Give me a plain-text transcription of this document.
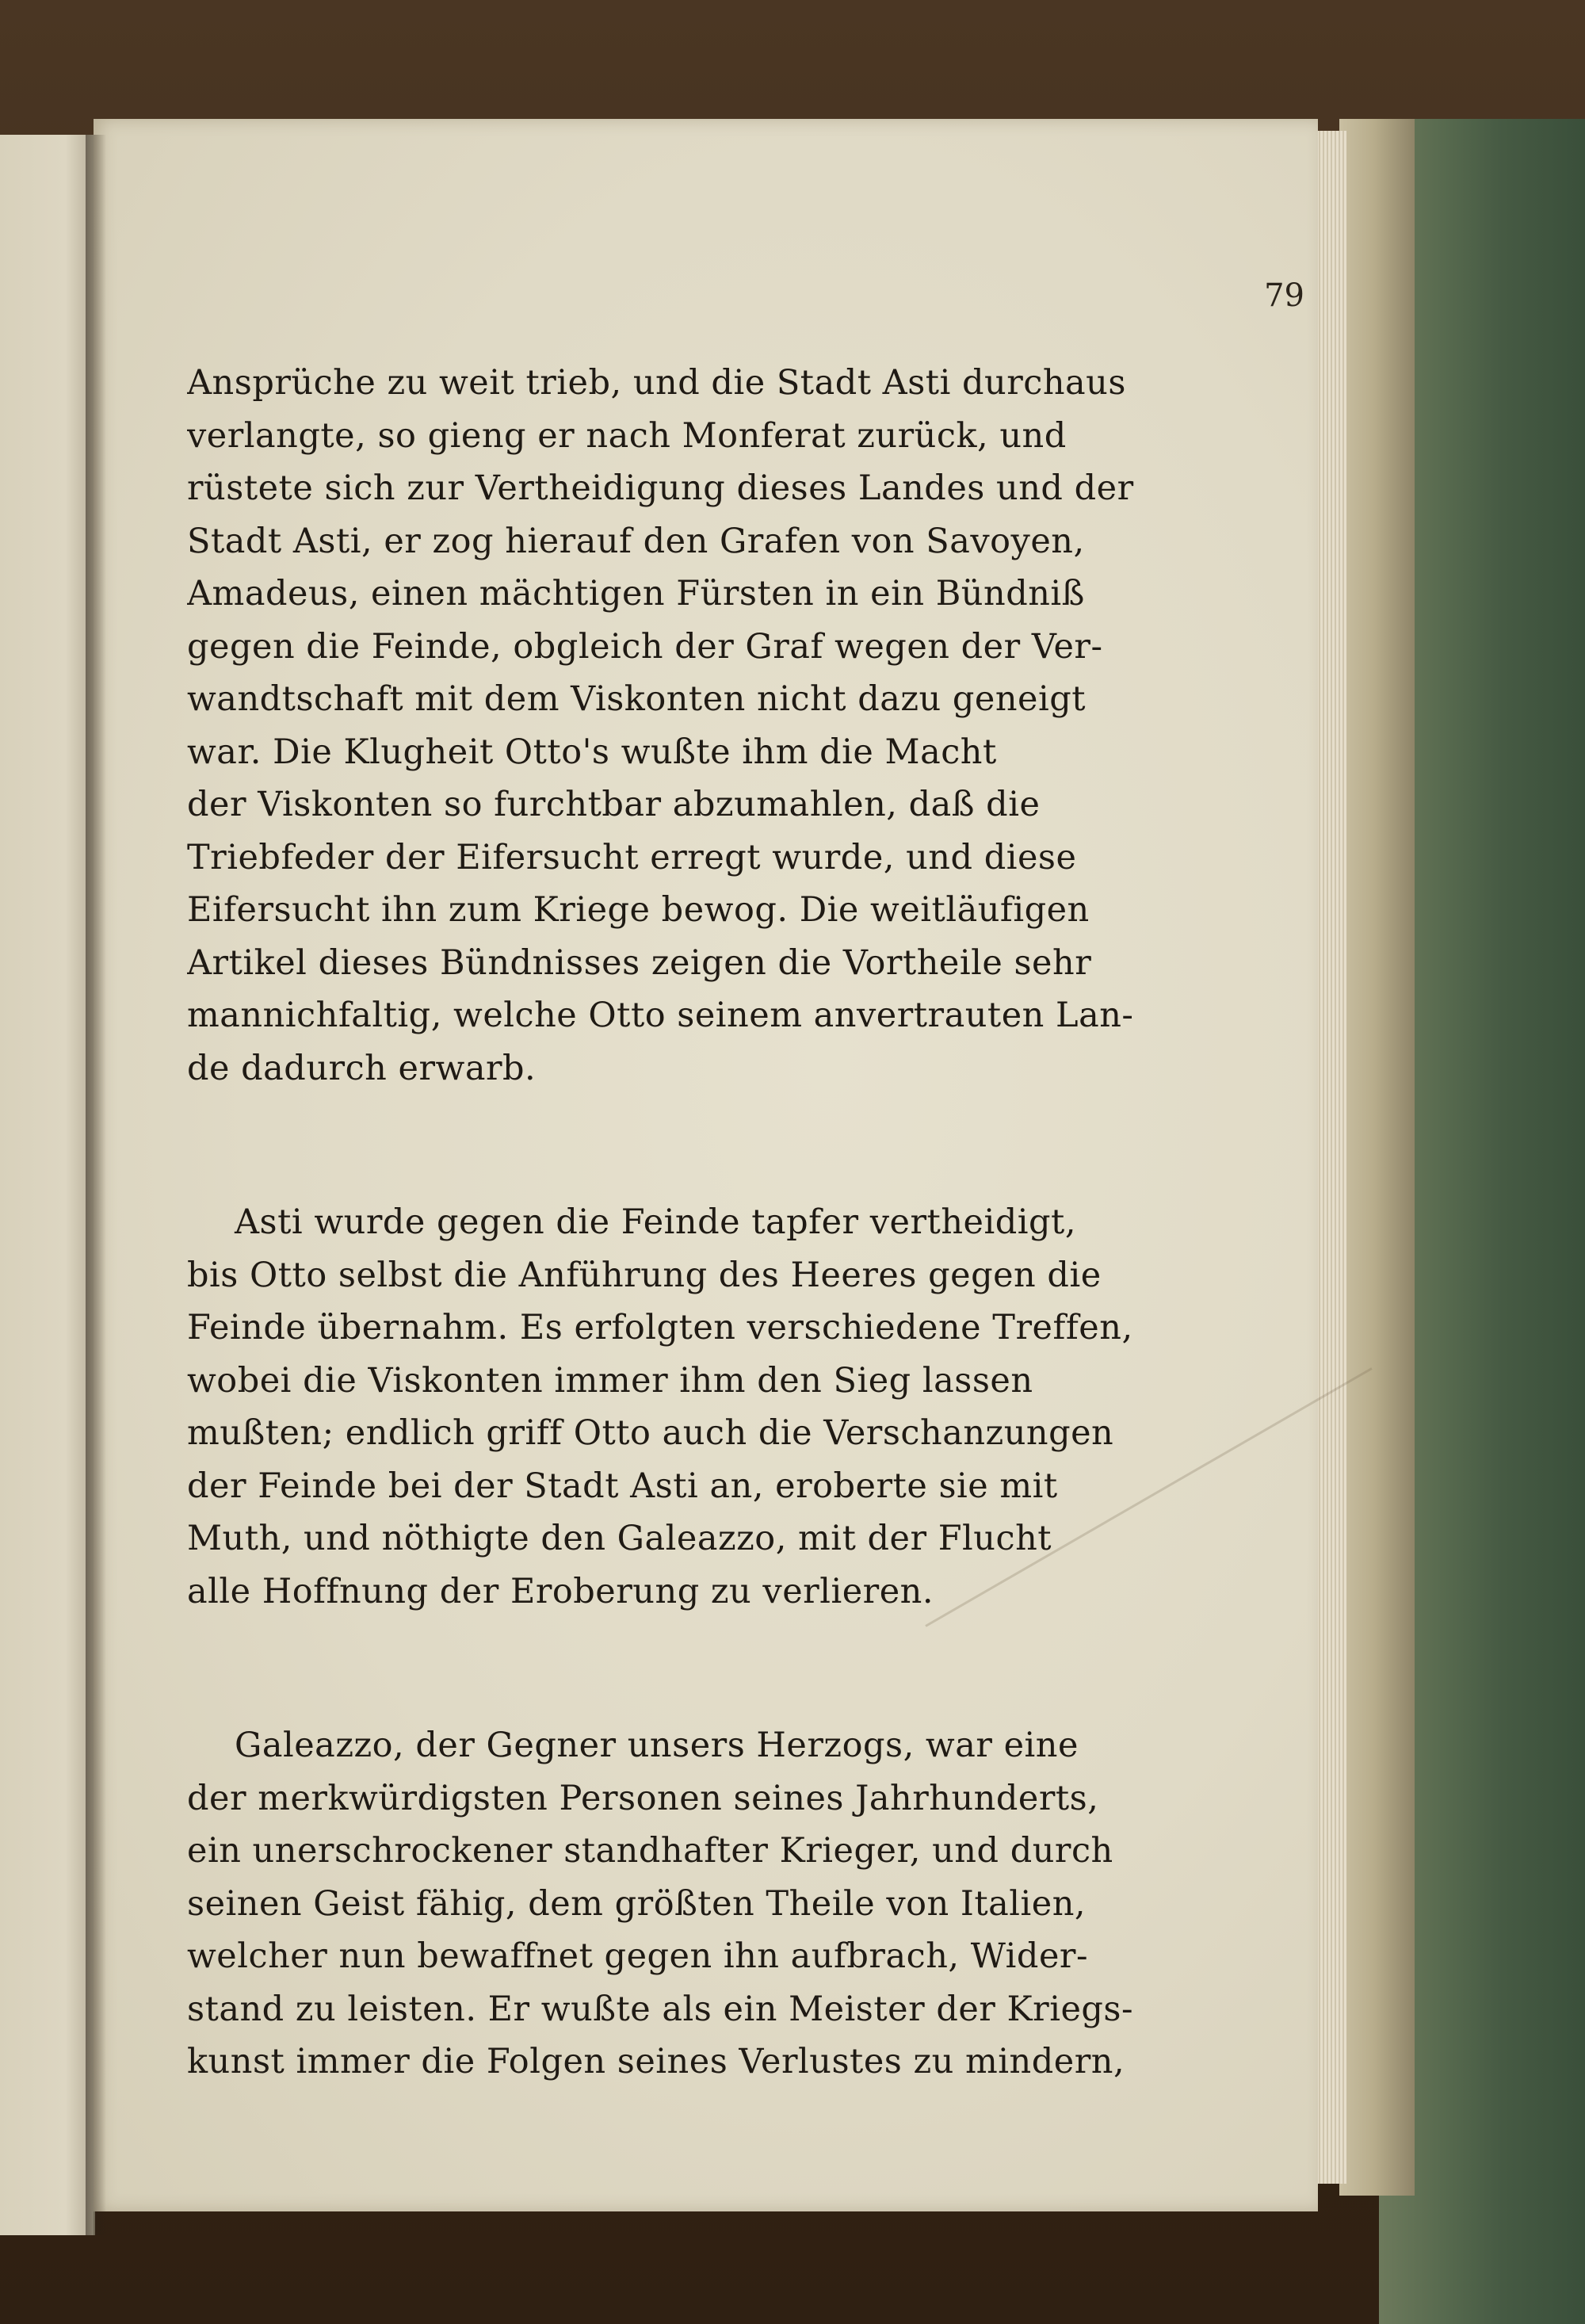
79
Ansprüche zu weit trieb, und die Stadt Asti durchaus
verlangte, so gieng er nach Monferat zurück, und
rüstete sich zur Vertheidigung dieses Landes und der
Stadt Asti, er zog hierauf den Grafen von Savoyen,
Amadeus, einen mächtigen Fürsten in ein Bündniß
gegen die Feinde, obgleich der Graf wegen der Ver-
wandtschaft mit dem Viskonten nicht dazu geneigt
war. Die Klugheit Otto's wußte ihm die Macht
der Viskonten so furchtbar abzumahlen, daß die
Triebfeder der Eifersucht erregt wurde, und diese
Eifersucht ihn zum Kriege bewog. Die weitläufigen
Artikel dieses Bündnisses zeigen die Vortheile sehr
mannichfaltig, welche Otto seinem anvertrauten Lan-
de dadurch erwarb.
Asti wurde gegen die Feinde tapfer vertheidigt,
bis Otto selbst die Anführung des Heeres gegen die
Feinde übernahm. Es erfolgten verschiedene Treffen,
wobei die Viskonten immer ihm den Sieg lassen
mußten; endlich griff Otto auch die Verschanzungen
der Feinde bei der Stadt Asti an, eroberte sie mit
Muth, und nöthigte den Galeazzo, mit der Flucht
alle Hoffnung der Eroberung zu verlieren.
Galeazzo, der Gegner unsers Herzogs, war eine
der merkwürdigsten Personen seines Jahrhunderts,
ein unerschrockener standhafter Krieger, und durch
seinen Geist fähig, dem größten Theile von Italien,
welcher nun bewaffnet gegen ihn aufbrach, Wider-
stand zu leisten. Er wußte als ein Meister der Kriegs-
kunst immer die Folgen seines Verlustes zu mindern,
